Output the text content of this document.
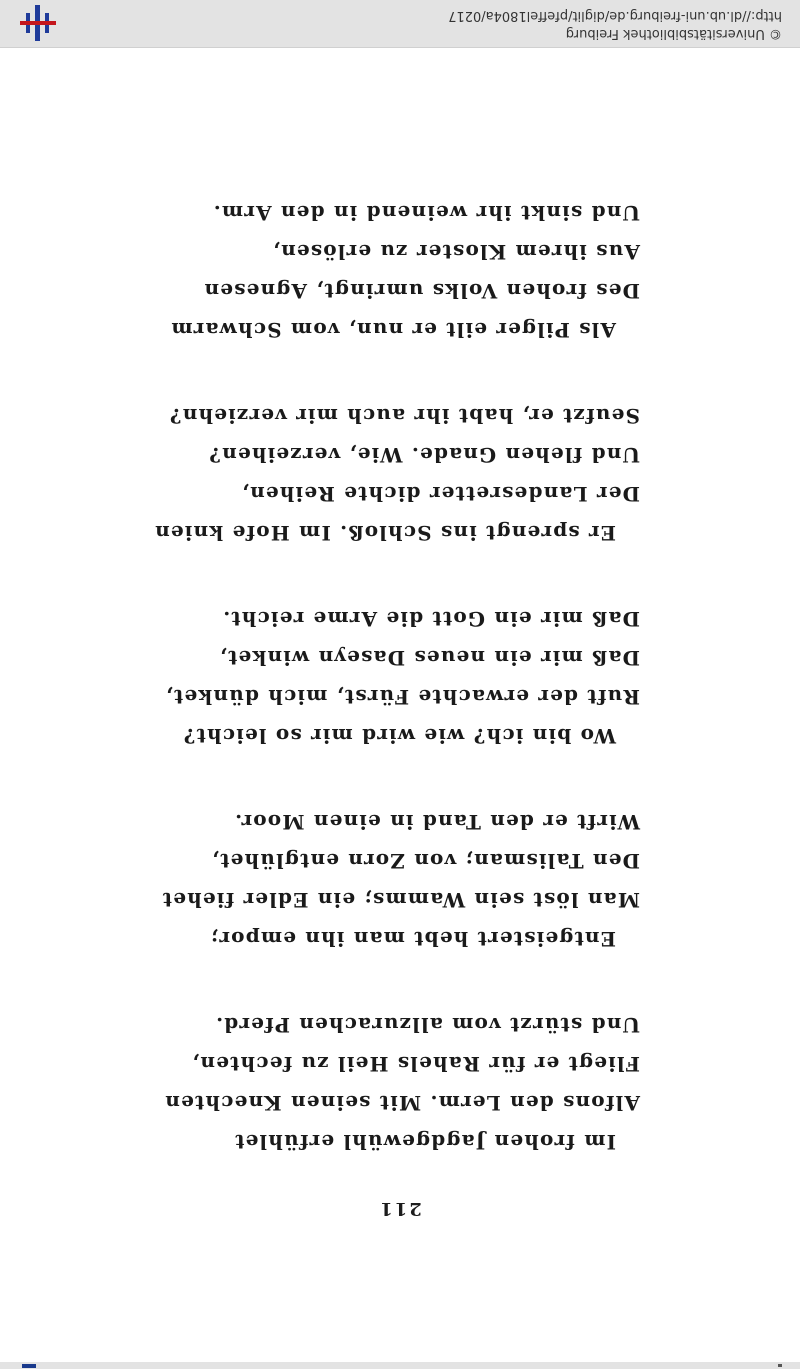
211
Im frohen Jagdgewühl erfühlet
Alfons den Lerm. Mit seinen Knechten
Fliegt er für Rahels Heil zu fechten,
Und stürzt vom allzurachen Pferd.
Entgeistert hebt man ihn empor;
Man löst sein Wamms; ein Edler fiehet
Den Talisman; von Zorn entglühet,
Wirft er den Tand in einen Moor.
Wo bin ich? wie wird mir so leicht?
Ruft der erwachte Fürst, mich dünket,
Daß mir ein neues Daseyn winket,
Daß mir ein Gott die Arme reicht.
Er sprengt ins Schloß. Im Hofe knien
Der Landesretter dichte Reihen,
Und flehen Gnade. Wie, verzeihen?
Seufzt er, habt ihr auch mir verziehn?
Als Pilger eilt er nun, vom Schwarm
Des frohen Volks umringt, Agnesen
Aus ihrem Kloster zu erlösen,
Und sinkt ihr weinend in den Arm.
© Universitätsbibliothek Freiburg
http://dl.ub.uni-freiburg.de/diglit/pfeffel1804a/0217
